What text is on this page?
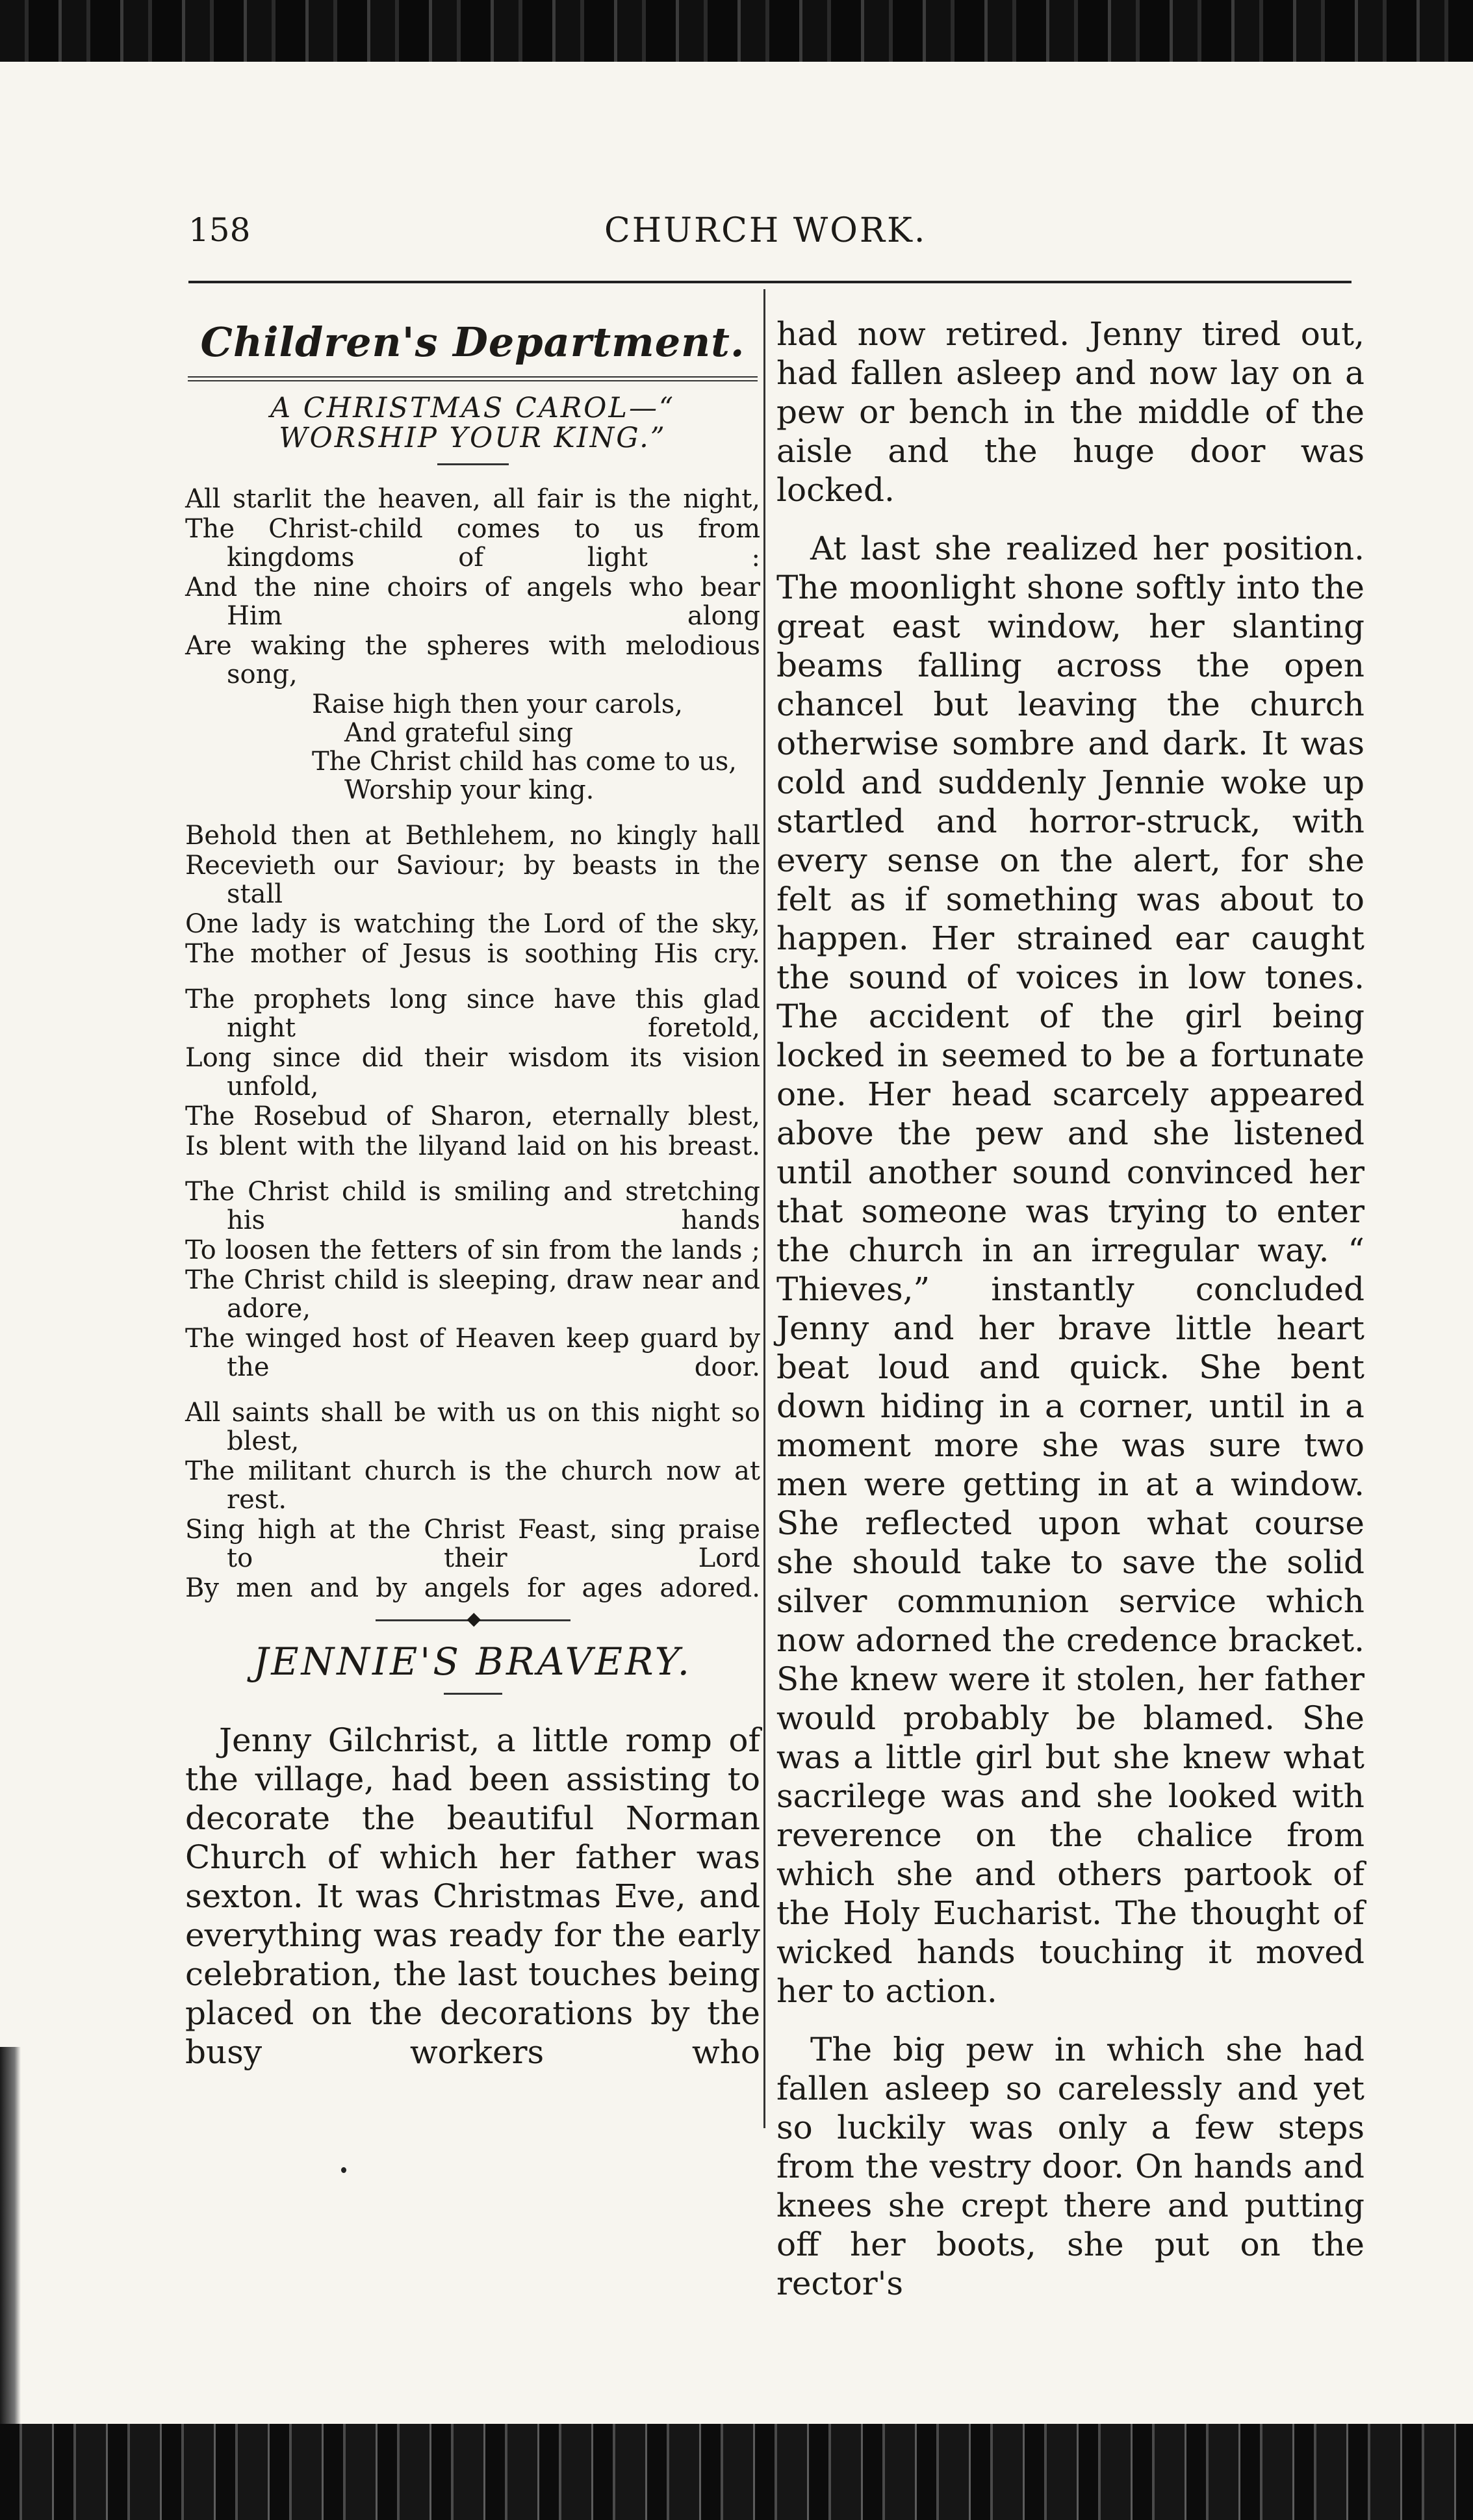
158	CHURCH WORK.
Children's Department.
A CHRISTMAS CAROL—“ WORSHIP YOUR KING.”

All starlit the heaven, all fair is the night,

The Christ-child comes to us from kingdoms of light :

And the nine choirs of angels who bear Him along

Are waking the spheres with melodious song,

Raise high then your carols,

And grateful sing

The Christ child has come to us,

Worship your king.

Behold then at Bethlehem, no kingly hall

Recevieth our Saviour; by beasts in the stall

One lady is watching the Lord of the sky,

The mother of Jesus is soothing His cry.

The prophets long since have this glad night foretold,

Long since did their wisdom its vision unfold,

The Rosebud of Sharon, eternally blest,

Is blent with the lilyand laid on his breast.

The Christ child is smiling and stretching his hands

To loosen the fetters of sin from the lands ;

The Christ child is sleeping, draw near and adore,

The winged host of Heaven keep guard by the door.

All saints shall be with us on this night so blest,

The militant church is the church now at rest.

Sing high at the Christ Feast, sing praise to their Lord

By men and by angels for ages adored.

◆
JENNIE'S BRAVERY.

Jenny Gilchrist, a little romp of the village, had been assisting to decorate the beautiful Norman Church of which her father was sexton. It was Christmas Eve, and everything was ready for the early celebration, the last touches being placed on the decorations by the busy workers who

had now retired. Jenny tired out, had fallen asleep and now lay on a pew or bench in the middle of the aisle and the huge door was locked.

At last she realized her position. The moonlight shone softly into the great east window, her slanting beams falling across the open chancel but leaving the church otherwise sombre and dark. It was cold and suddenly Jennie woke up startled and horror-struck, with every sense on the alert, for she felt as if something was about to happen. Her strained ear caught the sound of voices in low tones. The accident of the girl being locked in seemed to be a fortunate one. Her head scarcely appeared above the pew and she listened until another sound convinced her that someone was trying to enter the church in an irregular way. “ Thieves,” instantly concluded Jenny and her brave little heart beat loud and quick. She bent down hiding in a corner, until in a moment more she was sure two men were getting in at a window. She reflected upon what course she should take to save the solid silver communion service which now adorned the credence bracket. She knew were it stolen, her father would probably be blamed. She was a little girl but she knew what sacrilege was and she looked with reverence on the chalice from which she and others partook of the Holy Eucharist. The thought of wicked hands touching it moved her to action.

The big pew in which she had fallen asleep so carelessly and yet so luckily was only a few steps from the vestry door. On hands and knees she crept there and putting off her boots, she put on the rector's
